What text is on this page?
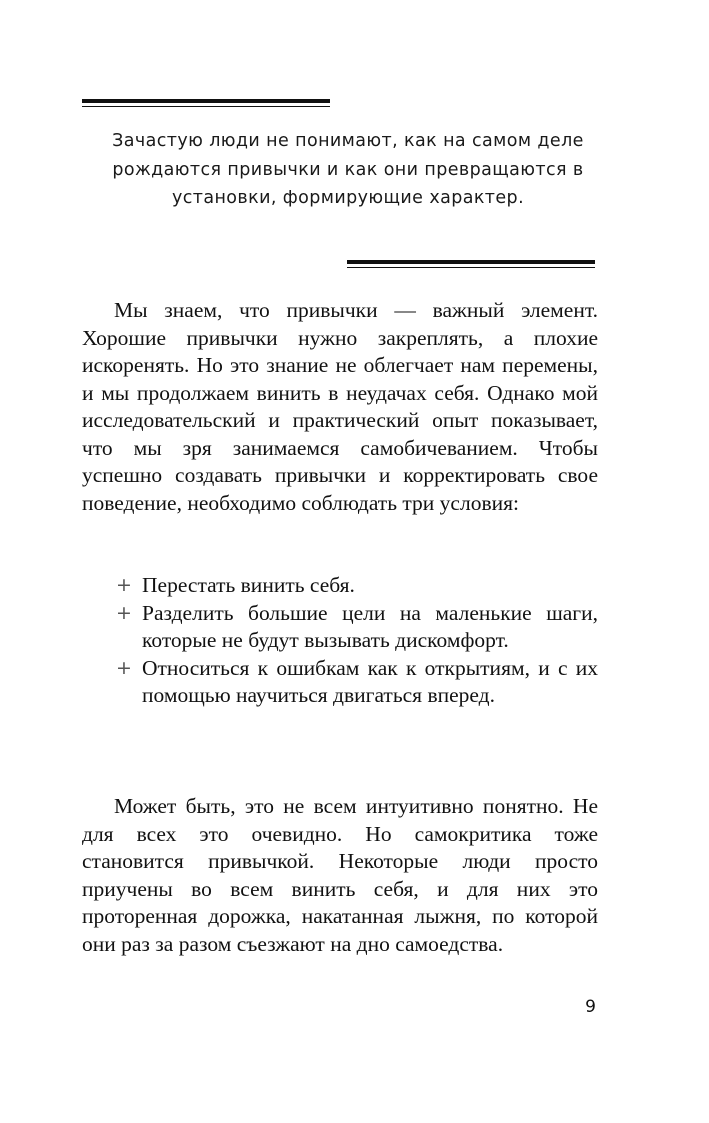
Зачастую люди не понимают, как на самом деле рождаются привычки и как они превращаются в установки, формирующие характер.

Мы знаем, что привычки — важный элемент. Хорошие привычки нужно закреплять, а плохие искоренять. Но это знание не облегчает нам перемены, и мы продолжаем винить в неудачах себя. Однако мой исследовательский и практический опыт показывает, что мы зря занимаемся самобичеванием. Чтобы успешно создавать привычки и корректировать свое поведение, необходимо соблюдать три условия:

+ Перестать винить себя.
+ Разделить большие цели на маленькие шаги, которые не будут вызывать дискомфорт.
+ Относиться к ошибкам как к открытиям, и с их помощью научиться двигаться вперед.

Может быть, это не всем интуитивно понятно. Не для всех это очевидно. Но самокритика тоже становится привычкой. Некоторые люди просто приучены во всем винить себя, и для них это проторенная дорожка, накатанная лыжня, по которой они раз за разом съезжают на дно самоедства.

9
